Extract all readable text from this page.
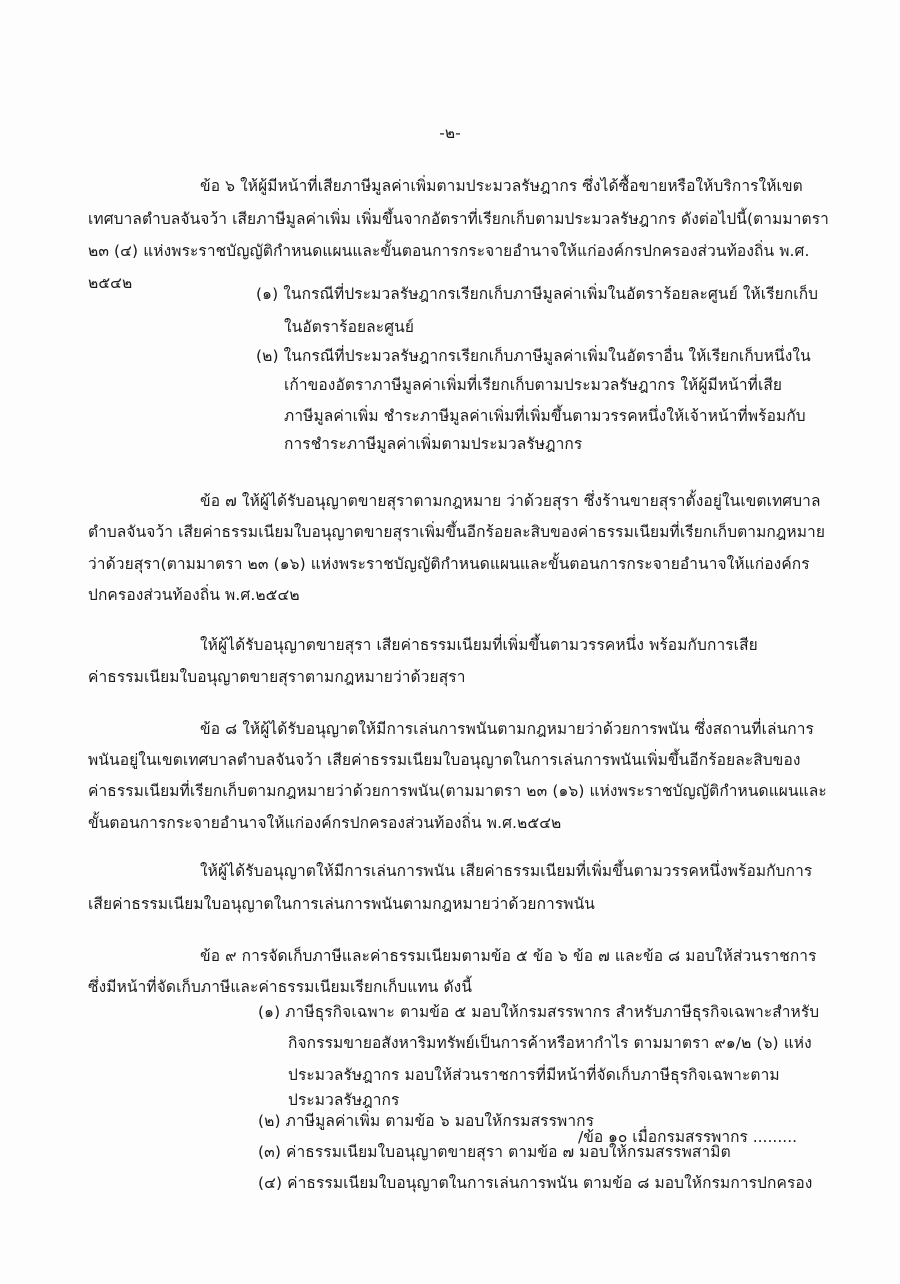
-๒-
ข้อ ๖ ให้ผู้มีหน้าที่เสียภาษีมูลค่าเพิ่มตามประมวลรัษฎากร ซึ่งได้ซื้อขายหรือให้บริการให้เขต
เทศบาลตำบลจันจว้า เสียภาษีมูลค่าเพิ่ม เพิ่มขึ้นจากอัตราที่เรียกเก็บตามประมวลรัษฎากร ดังต่อไปนี้(ตามมาตรา
๒๓ (๔) แห่งพระราชบัญญัติกำหนดแผนและขั้นตอนการกระจายอำนาจให้แก่องค์กรปกครองส่วนท้องถิ่น พ.ศ.
๒๕๔๒
(๑) ในกรณีที่ประมวลรัษฎากรเรียกเก็บภาษีมูลค่าเพิ่มในอัตราร้อยละศูนย์ ให้เรียกเก็บ
ในอัตราร้อยละศูนย์
(๒) ในกรณีที่ประมวลรัษฎากรเรียกเก็บภาษีมูลค่าเพิ่มในอัตราอื่น ให้เรียกเก็บหนึ่งใน
เก้าของอัตราภาษีมูลค่าเพิ่มที่เรียกเก็บตามประมวลรัษฎากร ให้ผู้มีหน้าที่เสีย
ภาษีมูลค่าเพิ่ม ชำระภาษีมูลค่าเพิ่มที่เพิ่มขึ้นตามวรรคหนึ่งให้เจ้าหน้าที่พร้อมกับ
การชำระภาษีมูลค่าเพิ่มตามประมวลรัษฎากร
ข้อ ๗ ให้ผู้ได้รับอนุญาตขายสุราตามกฎหมาย ว่าด้วยสุรา ซึ่งร้านขายสุราตั้งอยู่ในเขตเทศบาล
ตำบลจันจว้า เสียค่าธรรมเนียมใบอนุญาตขายสุราเพิ่มขึ้นอีกร้อยละสิบของค่าธรรมเนียมที่เรียกเก็บตามกฎหมาย
ว่าด้วยสุรา(ตามมาตรา ๒๓ (๑๖) แห่งพระราชบัญญัติกำหนดแผนและขั้นตอนการกระจายอำนาจให้แก่องค์กร
ปกครองส่วนท้องถิ่น พ.ศ.๒๕๔๒
ให้ผู้ได้รับอนุญาตขายสุรา เสียค่าธรรมเนียมที่เพิ่มขึ้นตามวรรคหนึ่ง พร้อมกับการเสีย
ค่าธรรมเนียมใบอนุญาตขายสุราตามกฎหมายว่าด้วยสุรา
ข้อ ๘ ให้ผู้ได้รับอนุญาตให้มีการเล่นการพนันตามกฎหมายว่าด้วยการพนัน ซึ่งสถานที่เล่นการ
พนันอยู่ในเขตเทศบาลตำบลจันจว้า เสียค่าธรรมเนียมใบอนุญาตในการเล่นการพนันเพิ่มขึ้นอีกร้อยละสิบของ
ค่าธรรมเนียมที่เรียกเก็บตามกฎหมายว่าด้วยการพนัน(ตามมาตรา ๒๓ (๑๖) แห่งพระราชบัญญัติกำหนดแผนและ
ขั้นตอนการกระจายอำนาจให้แก่องค์กรปกครองส่วนท้องถิ่น พ.ศ.๒๕๔๒
ให้ผู้ได้รับอนุญาตให้มีการเล่นการพนัน เสียค่าธรรมเนียมที่เพิ่มขึ้นตามวรรคหนึ่งพร้อมกับการ
เสียค่าธรรมเนียมใบอนุญาตในการเล่นการพนันตามกฎหมายว่าด้วยการพนัน
ข้อ ๙ การจัดเก็บภาษีและค่าธรรมเนียมตามข้อ ๕ ข้อ ๖ ข้อ ๗ และข้อ ๘ มอบให้ส่วนราชการ
ซึ่งมีหน้าที่จัดเก็บภาษีและค่าธรรมเนียมเรียกเก็บแทน ดังนี้
(๑) ภาษีธุรกิจเฉพาะ ตามข้อ ๕ มอบให้กรมสรรพากร สำหรับภาษีธุรกิจเฉพาะสำหรับ
กิจกรรมขายอสังหาริมทรัพย์เป็นการค้าหรือหากำไร ตามมาตรา ๙๑/๒ (๖) แห่ง
ประมวลรัษฎากร มอบให้ส่วนราชการที่มีหน้าที่จัดเก็บภาษีธุรกิจเฉพาะตาม
ประมวลรัษฎากร
(๒) ภาษีมูลค่าเพิ่ม ตามข้อ ๖ มอบให้กรมสรรพากร
(๓) ค่าธรรมเนียมใบอนุญาตขายสุรา ตามข้อ ๗ มอบให้กรมสรรพสามิต
(๔) ค่าธรรมเนียมใบอนุญาตในการเล่นการพนัน ตามข้อ ๘ มอบให้กรมการปกครอง
/ข้อ ๑๐ เมื่อกรมสรรพากร .........
